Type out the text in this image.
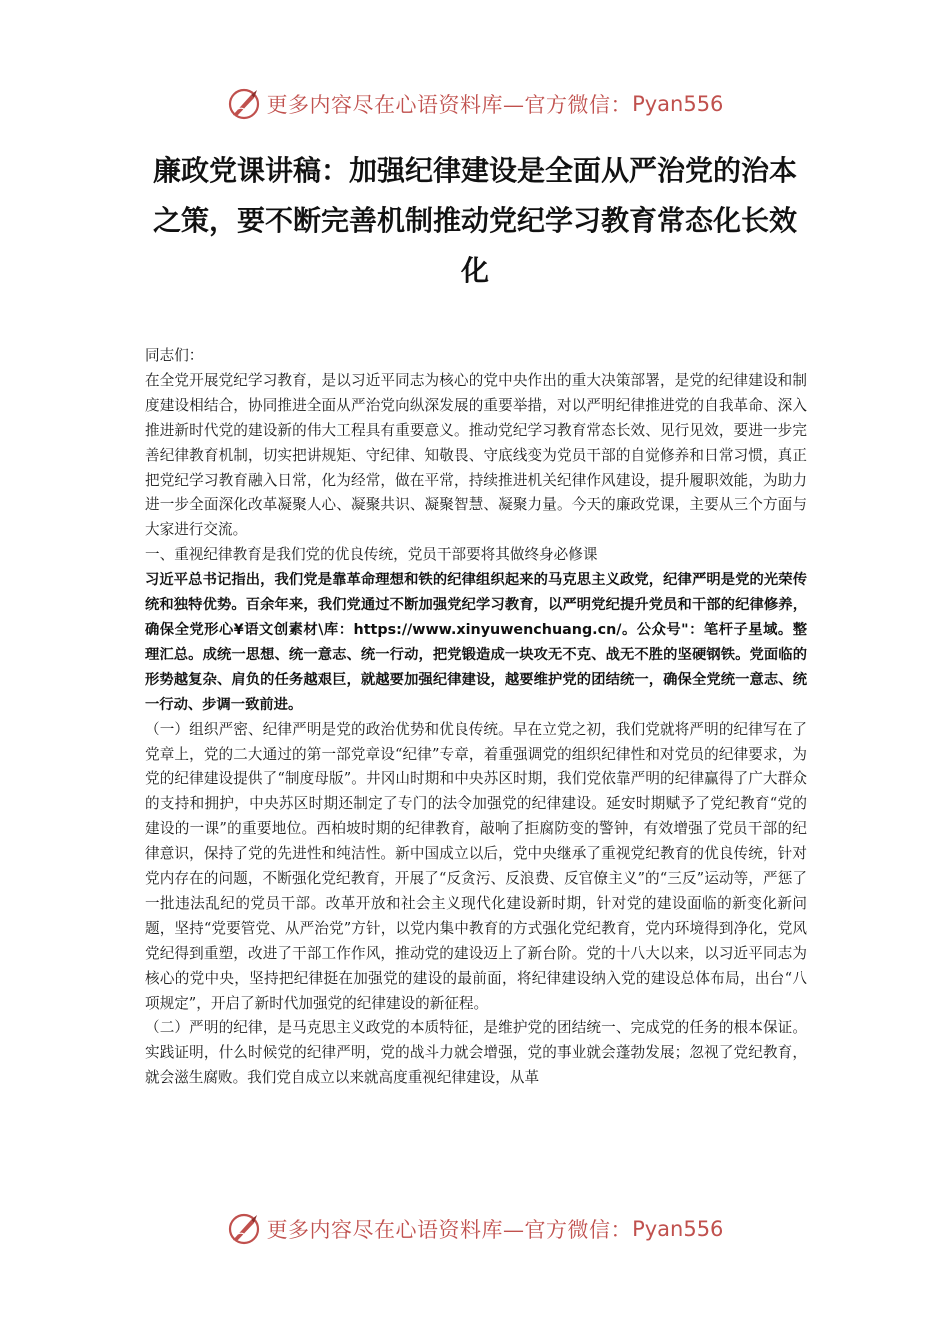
更多内容尽在心语资料库—官方微信： Pyan556
廉政党课讲稿：加强纪律建设是全面从严治党的治本
之策，要不断完善机制推动党纪学习教育常态化长效
化

同志们：

在全党开展党纪学习教育，是以习近平同志为核心的党中央作出的重大决策部署，是党的纪律建设和制度建设相结合，协同推进全面从严治党向纵深发展的重要举措，对以严明纪律推进党的自我革命、深入推进新时代党的建设新的伟大工程具有重要意义。推动党纪学习教育常态长效、见行见效，要进一步完善纪律教育机制，切实把讲规矩、守纪律、知敬畏、守底线变为党员干部的自觉修养和日常习惯，真正把党纪学习教育融入日常，化为经常，做在平常，持续推进机关纪律作风建设，提升履职效能，为助力进一步全面深化改革凝聚人心、凝聚共识、凝聚智慧、凝聚力量。今天的廉政党课，主要从三个方面与大家进行交流。

一、重视纪律教育是我们党的优良传统，党员干部要将其做终身必修课

习近平总书记指出，我们党是靠革命理想和铁的纪律组织起来的马克思主义政党，纪律严明是党的光荣传统和独特优势。百余年来，我们党通过不断加强党纪学习教育，以严明党纪提升党员和干部的纪律修养，确保全党形心¥语文创素材\库：https://www.xinyuwenchuang.cn/。公众号"：笔杆子星域。整理汇总。成统一思想、统一意志、统一行动，把党锻造成一块攻无不克、战无不胜的坚硬钢铁。党面临的形势越复杂、肩负的任务越艰巨，就越要加强纪律建设，越要维护党的团结统一，确保全党统一意志、统一行动、步调一致前进。

（一）组织严密、纪律严明是党的政治优势和优良传统。早在立党之初，我们党就将严明的纪律写在了党章上，党的二大通过的第一部党章设“纪律”专章，着重强调党的组织纪律性和对党员的纪律要求，为党的纪律建设提供了“制度母版”。井冈山时期和中央苏区时期，我们党依靠严明的纪律赢得了广大群众的支持和拥护，中央苏区时期还制定了专门的法令加强党的纪律建设。延安时期赋予了党纪教育“党的建设的一课”的重要地位。西柏坡时期的纪律教育，敲响了拒腐防变的警钟，有效增强了党员干部的纪律意识，保持了党的先进性和纯洁性。新中国成立以后，党中央继承了重视党纪教育的优良传统，针对党内存在的问题，不断强化党纪教育，开展了“反贪污、反浪费、反官僚主义”的“三反”运动等，严惩了一批违法乱纪的党员干部。改革开放和社会主义现代化建设新时期，针对党的建设面临的新变化新问题，坚持“党要管党、从严治党”方针，以党内集中教育的方式强化党纪教育，党内环境得到净化，党风党纪得到重塑，改进了干部工作作风，推动党的建设迈上了新台阶。党的十八大以来，以习近平同志为核心的党中央，坚持把纪律挺在加强党的建设的最前面，将纪律建设纳入党的建设总体布局，出台“八项规定”，开启了新时代加强党的纪律建设的新征程。

（二）严明的纪律，是马克思主义政党的本质特征，是维护党的团结统一、完成党的任务的根本保证。实践证明，什么时候党的纪律严明，党的战斗力就会增强，党的事业就会蓬勃发展；忽视了党纪教育，就会滋生腐败。我们党自成立以来就高度重视纪律建设，从革

更多内容尽在心语资料库—官方微信： Pyan556
